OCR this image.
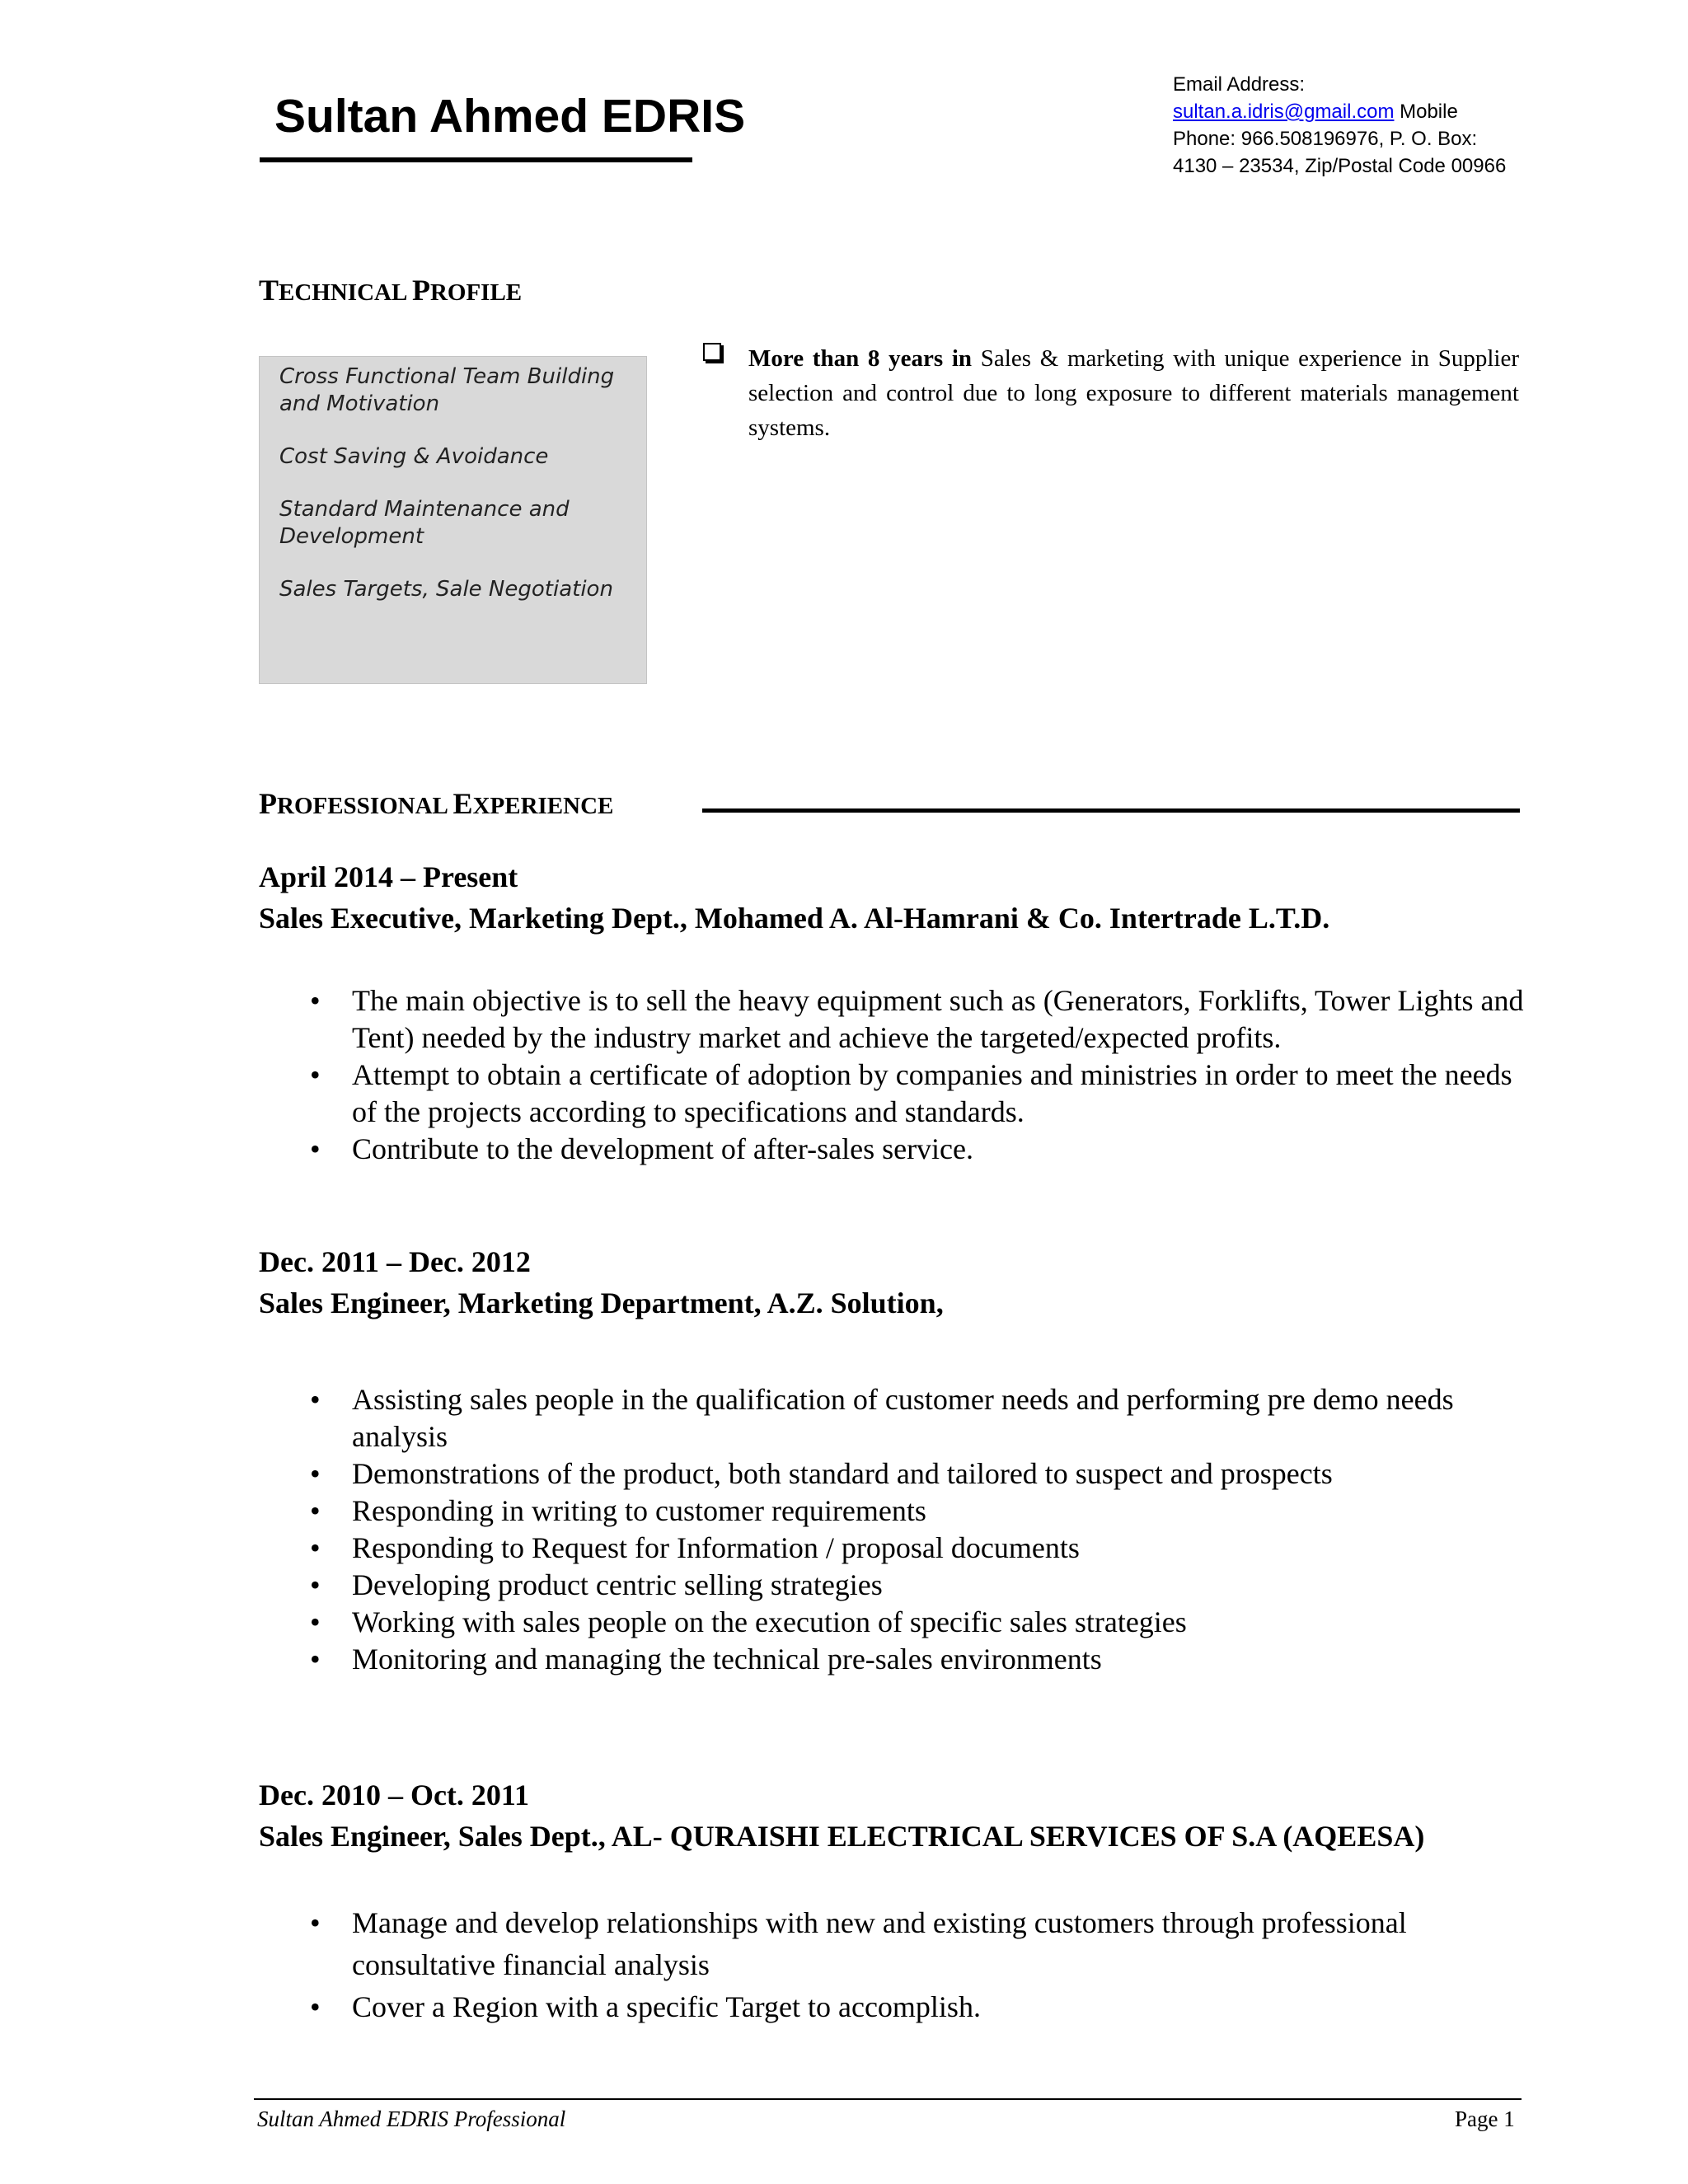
Sultan Ahmed EDRIS
Email Address:
sultan.a.idris@gmail.com Mobile
Phone: 966.508196976, P. O. Box:
4130 – 23534, Zip/Postal Code 00966
TECHNICAL PROFILE
Cross Functional Team Building and Motivation
Cost Saving & Avoidance
Standard Maintenance and Development
Sales Targets, Sale Negotiation
More than 8 years in Sales & marketing with unique experience in Supplier selection and control due to long exposure to different materials management systems.
PROFESSIONAL EXPERIENCE
April 2014 – Present
Sales Executive, Marketing Dept., Mohamed A. Al-Hamrani & Co. Intertrade L.T.D.
• The main objective is to sell the heavy equipment such as (Generators, Forklifts, Tower Lights and Tent) needed by the industry market and achieve the targeted/expected profits.
• Attempt to obtain a certificate of adoption by companies and ministries in order to meet the needs of the projects according to specifications and standards.
• Contribute to the development of after-sales service.
Dec. 2011 – Dec. 2012
Sales Engineer, Marketing Department, A.Z. Solution,
• Assisting sales people in the qualification of customer needs and performing pre demo needs analysis
• Demonstrations of the product, both standard and tailored to suspect and prospects
• Responding in writing to customer requirements
• Responding to Request for Information / proposal documents
• Developing product centric selling strategies
• Working with sales people on the execution of specific sales strategies
• Monitoring and managing the technical pre-sales environments
Dec. 2010 – Oct. 2011
Sales Engineer, Sales Dept., AL- QURAISHI ELECTRICAL SERVICES OF S.A (AQEESA)
• Manage and develop relationships with new and existing customers through professional consultative financial analysis
• Cover a Region with a specific Target to accomplish.
Sultan Ahmed EDRIS Professional	Page 1
